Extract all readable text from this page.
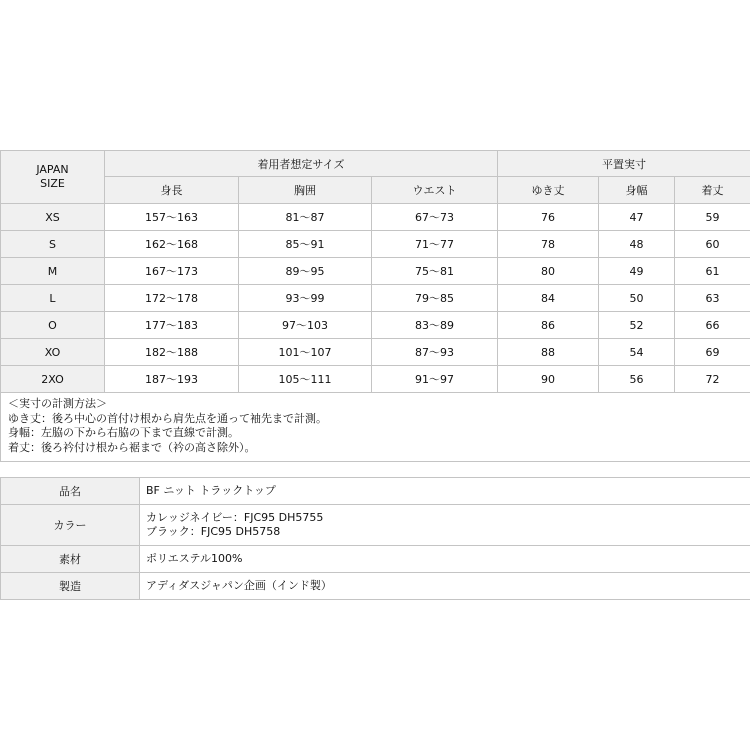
JAPAN
SIZE	着用者想定サイズ			平置実寸		
	身長	胸囲	ウエスト	ゆき丈	身幅	着丈
XS	157〜163	81〜87	67〜73	76	47	59
S	162〜168	85〜91	71〜77	78	48	60
M	167〜173	89〜95	75〜81	80	49	61
L	172〜178	93〜99	79〜85	84	50	63
O	177〜183	97〜103	83〜89	86	52	66
XO	182〜188	101〜107	87〜93	88	54	69
2XO	187〜193	105〜111	91〜97	90	56	72

＜実寸の計測方法＞
ゆき丈：後ろ中心の首付け根から肩先点を通って袖先まで計測。
身幅：左脇の下から右脇の下まで直線で計測。
着丈：後ろ衿付け根から裾まで（衿の高さ除外）。						
品名	BF ニット トラックトップ
カラー	カレッジネイビー：FJC95 DH5755
ブラック：FJC95 DH5758

素材	ポリエステル100%
製造	アディダスジャパン企画（インド製）
